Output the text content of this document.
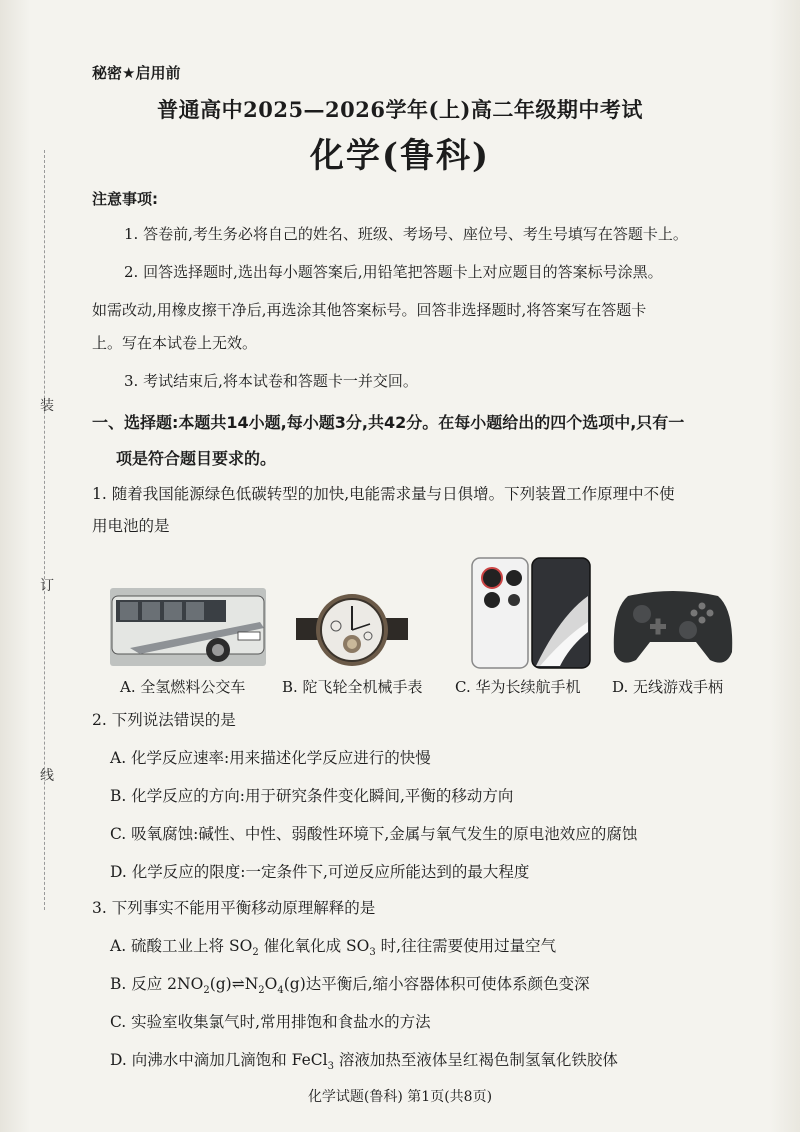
装
订
线
秘密★启用前
普通高中2025—2026学年(上)高二年级期中考试
化学(鲁科)
注意事项:
1. 答卷前,考生务必将自己的姓名、班级、考场号、座位号、考生号填写在答题卡上。
2. 回答选择题时,选出每小题答案后,用铅笔把答题卡上对应题目的答案标号涂黑。
如需改动,用橡皮擦干净后,再选涂其他答案标号。回答非选择题时,将答案写在答题卡
上。写在本试卷上无效。
3. 考试结束后,将本试卷和答题卡一并交回。
一、选择题:本题共14小题,每小题3分,共42分。在每小题给出的四个选项中,只有一
项是符合题目要求的。
1. 随着我国能源绿色低碳转型的加快,电能需求量与日俱增。下列装置工作原理中不使
用电池的是
A. 全氢燃料公交车 B. 陀飞轮全机械手表 C. 华为长续航手机 D. 无线游戏手柄
2. 下列说法错误的是
A. 化学反应速率:用来描述化学反应进行的快慢
B. 化学反应的方向:用于研究条件变化瞬间,平衡的移动方向
C. 吸氧腐蚀:碱性、中性、弱酸性环境下,金属与氧气发生的原电池效应的腐蚀
D. 化学反应的限度:一定条件下,可逆反应所能达到的最大程度
3. 下列事实不能用平衡移动原理解释的是
A. 硫酸工业上将 $SO_2$ 催化氧化成 $SO_3$ 时,往往需要使用过量空气
B. 反应 $2NO_2(g)\rightleftharpoons N_2O_4(g)$达平衡后,缩小容器体积可使体系颜色变深
C. 实验室收集氯气时,常用排饱和食盐水的方法
D. 向沸水中滴加几滴饱和 FeCl$_3$ 溶液加热至液体呈红褐色制氢氧化铁胶体
化学试题(鲁科) 第1页(共8页)
